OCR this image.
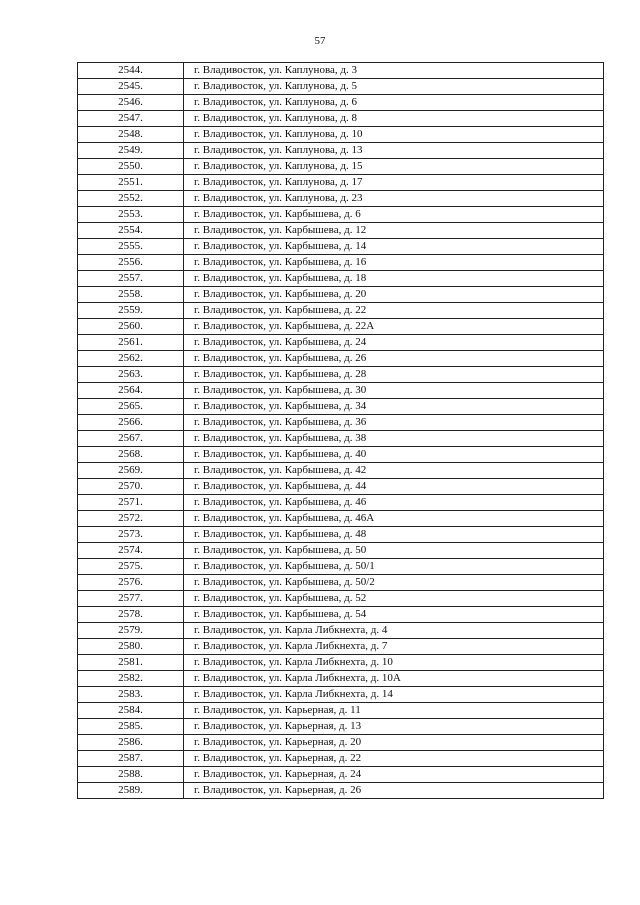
57
2544.	г. Владивосток, ул. Каплунова, д. 3
2545.	г. Владивосток, ул. Каплунова, д. 5
2546.	г. Владивосток, ул. Каплунова, д. 6
2547.	г. Владивосток, ул. Каплунова, д. 8
2548.	г. Владивосток, ул. Каплунова, д. 10
2549.	г. Владивосток, ул. Каплунова, д. 13
2550.	г. Владивосток, ул. Каплунова, д. 15
2551.	г. Владивосток, ул. Каплунова, д. 17
2552.	г. Владивосток, ул. Каплунова, д. 23
2553.	г. Владивосток, ул. Карбышева, д. 6
2554.	г. Владивосток, ул. Карбышева, д. 12
2555.	г. Владивосток, ул. Карбышева, д. 14
2556.	г. Владивосток, ул. Карбышева, д. 16
2557.	г. Владивосток, ул. Карбышева, д. 18
2558.	г. Владивосток, ул. Карбышева, д. 20
2559.	г. Владивосток, ул. Карбышева, д. 22
2560.	г. Владивосток, ул. Карбышева, д. 22А
2561.	г. Владивосток, ул. Карбышева, д. 24
2562.	г. Владивосток, ул. Карбышева, д. 26
2563.	г. Владивосток, ул. Карбышева, д. 28
2564.	г. Владивосток, ул. Карбышева, д. 30
2565.	г. Владивосток, ул. Карбышева, д. 34
2566.	г. Владивосток, ул. Карбышева, д. 36
2567.	г. Владивосток, ул. Карбышева, д. 38
2568.	г. Владивосток, ул. Карбышева, д. 40
2569.	г. Владивосток, ул. Карбышева, д. 42
2570.	г. Владивосток, ул. Карбышева, д. 44
2571.	г. Владивосток, ул. Карбышева, д. 46
2572.	г. Владивосток, ул. Карбышева, д. 46А
2573.	г. Владивосток, ул. Карбышева, д. 48
2574.	г. Владивосток, ул. Карбышева, д. 50
2575.	г. Владивосток, ул. Карбышева, д. 50/1
2576.	г. Владивосток, ул. Карбышева, д. 50/2
2577.	г. Владивосток, ул. Карбышева, д. 52
2578.	г. Владивосток, ул. Карбышева, д. 54
2579.	г. Владивосток, ул. Карла Либкнехта, д. 4
2580.	г. Владивосток, ул. Карла Либкнехта, д. 7
2581.	г. Владивосток, ул. Карла Либкнехта, д. 10
2582.	г. Владивосток, ул. Карла Либкнехта, д. 10А
2583.	г. Владивосток, ул. Карла Либкнехта, д. 14
2584.	г. Владивосток, ул. Карьерная, д. 11
2585.	г. Владивосток, ул. Карьерная, д. 13
2586.	г. Владивосток, ул. Карьерная, д. 20
2587.	г. Владивосток, ул. Карьерная, д. 22
2588.	г. Владивосток, ул. Карьерная, д. 24
2589.	г. Владивосток, ул. Карьерная, д. 26
